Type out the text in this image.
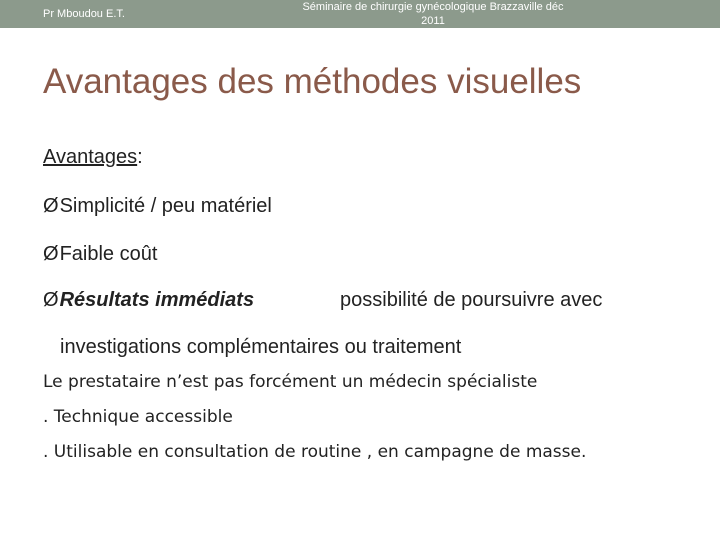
Pr Mboudou E.T.
Séminaire de chirurgie gynécologique Brazzaville déc
2011
Avantages des méthodes visuelles
Avantages:
ØSimplicité / peu matériel
ØFaible coût
ØRésultats immédiats	possibilité de poursuivre avec
investigations complémentaires ou traitement
Le prestataire n’est pas forcément un médecin spécialiste
. Technique accessible
. Utilisable en consultation de routine , en campagne de masse.
